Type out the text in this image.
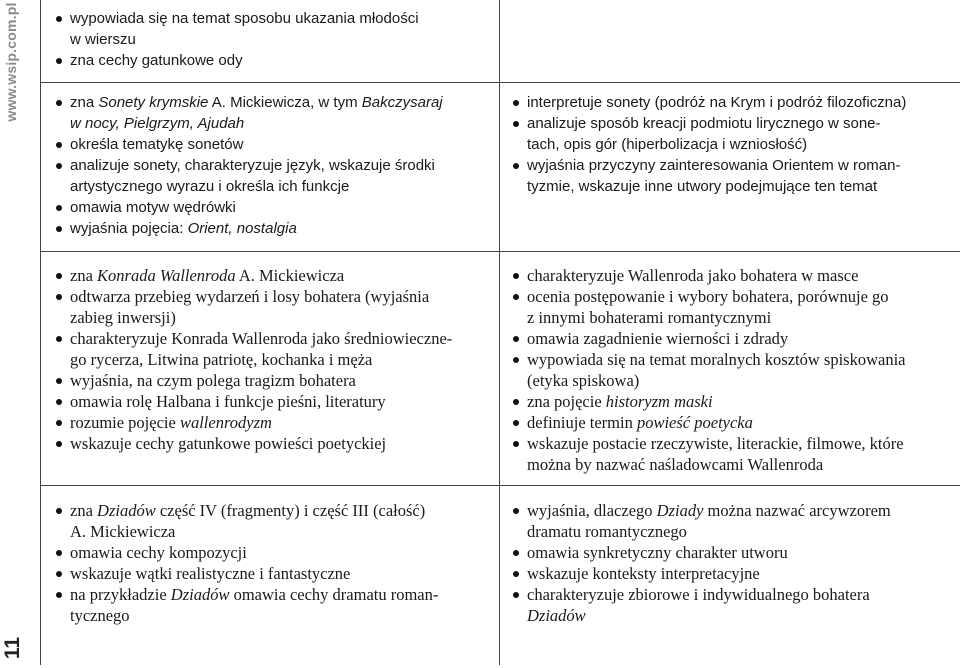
www.wsip.com.pl
11
wypowiada się na temat sposobu ukazania młodości
w wierszu
zna cechy gatunkowe ody
zna Sonety krymskie A. Mickiewicza, w tym Bakczysaraj
w nocy, Pielgrzym, Ajudah
określa tematykę sonetów
analizuje sonety, charakteryzuje język, wskazuje środki
artystycznego wyrazu i określa ich funkcje
omawia motyw wędrówki
wyjaśnia pojęcia: Orient, nostalgia
interpretuje sonety (podróż na Krym i podróż filozoficzna)
analizuje sposób kreacji podmiotu lirycznego w sone-
tach, opis gór (hiperbolizacja i wzniosłość)
wyjaśnia przyczyny zainteresowania Orientem w roman-
tyzmie, wskazuje inne utwory podejmujące ten temat
zna Konrada Wallenroda A. Mickiewicza
odtwarza przebieg wydarzeń i losy bohatera (wyjaśnia
zabieg inwersji)
charakteryzuje Konrada Wallenroda jako średniowieczne-
go rycerza, Litwina patriotę, kochanka i męża
wyjaśnia, na czym polega tragizm bohatera
omawia rolę Halbana i funkcje pieśni, literatury
rozumie pojęcie wallenrodyzm
wskazuje cechy gatunkowe powieści poetyckiej
charakteryzuje Wallenroda jako bohatera w masce
ocenia postępowanie i wybory bohatera, porównuje go
z innymi bohaterami romantycznymi
omawia zagadnienie wierności i zdrady
wypowiada się na temat moralnych kosztów spiskowania
(etyka spiskowa)
zna pojęcie historyzm maski
definiuje termin powieść poetycka
wskazuje postacie rzeczywiste, literackie, filmowe, które
można by nazwać naśladowcami Wallenroda
zna Dziadów część IV (fragmenty) i część III (całość)
A. Mickiewicza
omawia cechy kompozycji
wskazuje wątki realistyczne i fantastyczne
na przykładzie Dziadów omawia cechy dramatu roman-
tycznego
wyjaśnia, dlaczego Dziady można nazwać arcywzorem
dramatu romantycznego
omawia synkretyczny charakter utworu
wskazuje konteksty interpretacyjne
charakteryzuje zbiorowe i indywidualnego bohatera
Dziadów
